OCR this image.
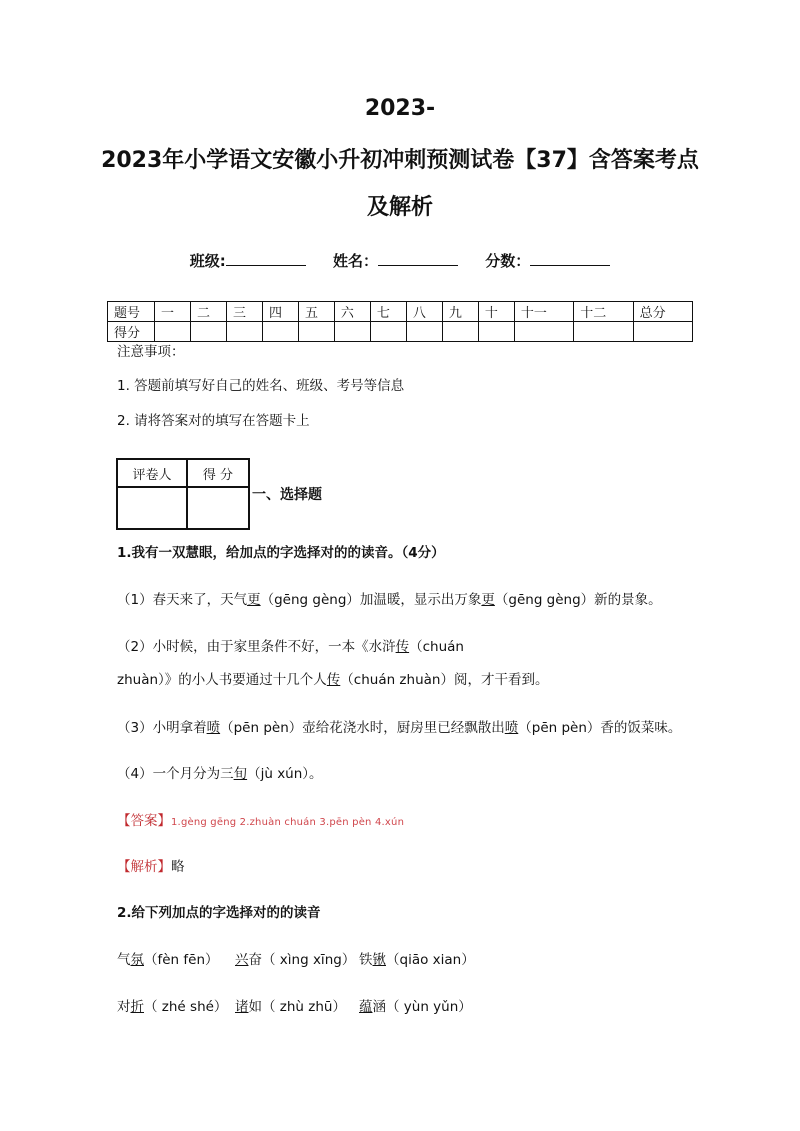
2023-
2023年小学语文安徽小升初冲刺预测试卷【37】含答案考点
及解析
班级:	姓名：	分数：
题号	一	二	三	四	五	六	七	八	九	十	十一	十二	总分
得分													
注意事项：
1. 答题前填写好自己的姓名、班级、考号等信息
2. 请将答案对的填写在答题卡上
评卷人	得 分

一、选择题
1.我有一双慧眼，给加点的字选择对的的读音。（4分）
（1）春天来了，天气更（gēng gèng）加温暖，显示出万象更（gēng gèng）新的景象。
（2）小时候，由于家里条件不好，一本《水浒传（chuán
zhuàn）》的小人书要通过十几个人传（chuán zhuàn）阅，才干看到。
（3）小明拿着喷（pēn pèn）壶给花浇水时，厨房里已经飘散出喷（pēn pèn）香的饭菜味。
（4）一个月分为三旬（jù xún）。
【答案】1.gèng gēng 2.zhuàn chuán 3.pēn pèn 4.xún
【解析】略
2.给下列加点的字选择对的的读音
气氛（fèn fēn） 兴奋（ xìng xīng） 铁锹（qiāo xian）
对折（ zhé shé） 诸如（ zhù zhū） 蕴涵（ yùn yǔn）
